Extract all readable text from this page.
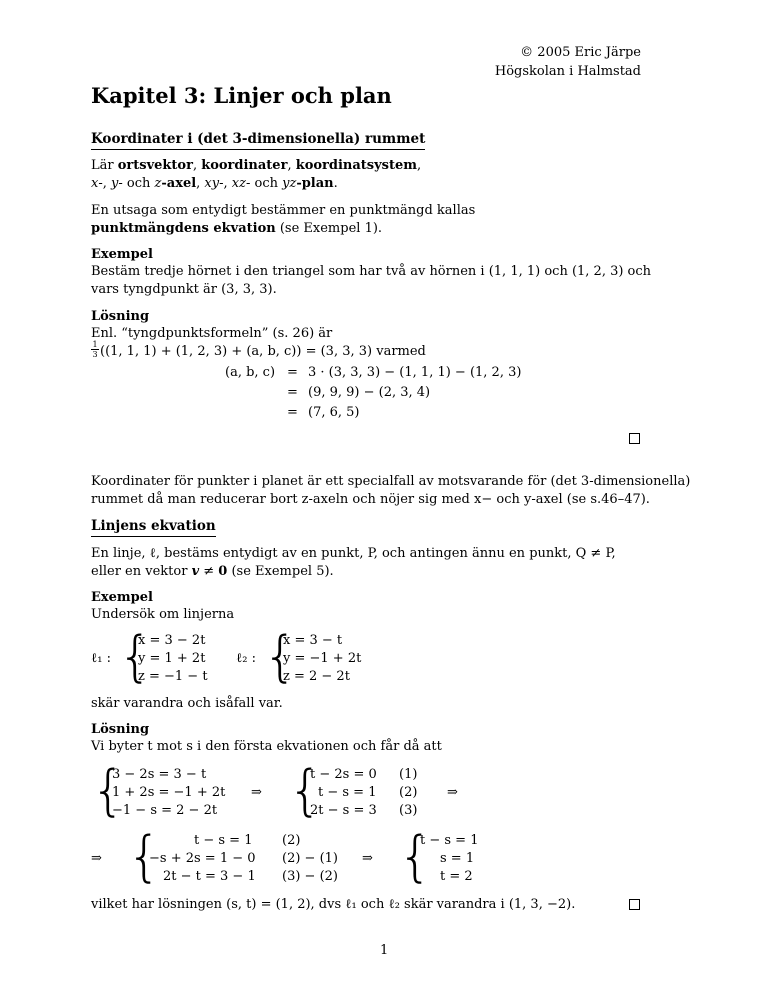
© 2005 Eric Järpe
Högskolan i Halmstad
Kapitel 3: Linjer och plan
Koordinater i (det 3-dimensionella) rummet
Lär ortsvektor, koordinater, koordinatsystem,
x-, y- och z-axel, xy-, xz- och yz-plan.
En utsaga som entydigt bestämmer en punktmängd kallas
punktmängdens ekvation (se Exempel 1).
Exempel
Bestäm tredje hörnet i den triangel som har två av hörnen i (1, 1, 1) och (1, 2, 3) och
vars tyngdpunkt är (3, 3, 3).
Lösning
Enl. “tyngdpunktsformeln” (s. 26) är
$\frac{1}{3} ((1$, 1, 1) + (1, 2, 3) + (a, b, c)) = (3, 3, 3) varmed
(a, b, c) = 3 · (3, 3, 3) − (1, 1, 1) − (1, 2, 3)
= (9, 9, 9) − (2, 3, 4)
= (7, 6, 5)
Koordinater för punkter i planet är ett specialfall av motsvarande för (det 3-dimensionella)
rummet då man reducerar bort z-axeln och nöjer sig med x− och y-axel (se s.46–47).
Linjens ekvation
En linje, ℓ, bestäms entydigt av en punkt, P, och antingen ännu en punkt, Q ≠ P,
eller en vektor v ≠ 0 (se Exempel 5).
Exempel
Undersök om linjerna
ℓ₁ : {
x = 3 − 2t
y = 1 + 2t
z = −1 − t
ℓ₂ : {
x = 3 − t
y = −1 + 2t
z = 2 − 2t
skär varandra och isåfall var.
Lösning
Vi byter t mot s i den första ekvationen och får då att
{
3 − 2s = 3 − t
1 + 2s = −1 + 2t
−1 − s = 2 − 2t
⇒ {
t − 2s = 0
t − s = 1
2t − s = 3
(1)
(2)
(3)
⇒
⇒ {	t − s = 1
−s + 2s = 1 − 0
2t − t = 3 − 1
(2)
(2) − (1)
(3) − (2)
⇒ {
t − s = 1
s = 1
t = 2
vilket har lösningen (s, t) = (1, 2), dvs ℓ₁ och ℓ₂ skär varandra i (1, 3, −2).
1
